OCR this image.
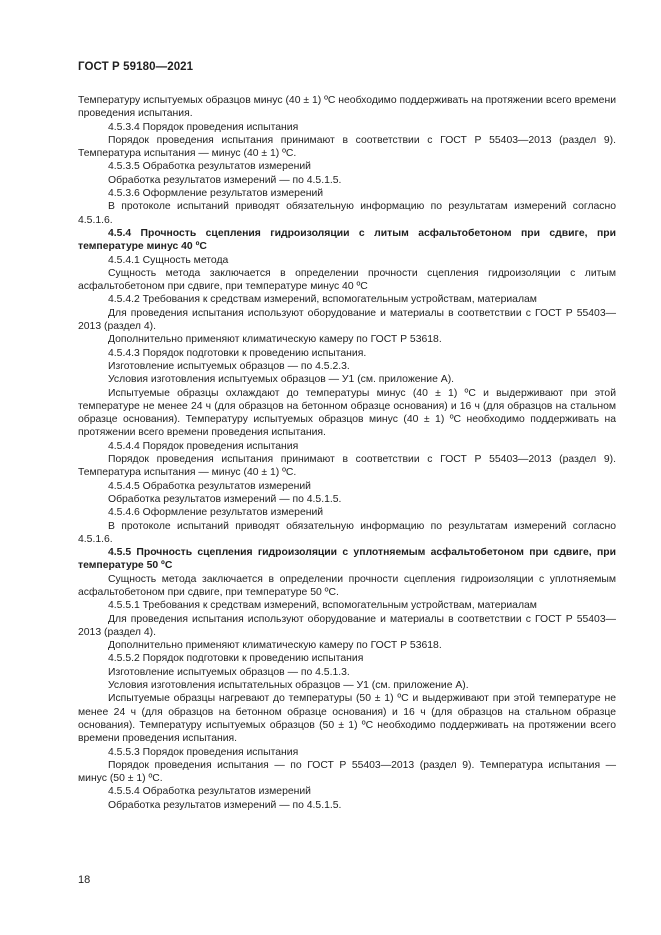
ГОСТ Р 59180—2021

Температуру испытуемых образцов минус (40 ± 1) ºС необходимо поддерживать на протяжении всего времени проведения испытания.

4.5.3.4 Порядок проведения испытания

Порядок проведения испытания принимают в соответствии с ГОСТ Р 55403—2013 (раздел 9). Температура испытания — минус (40 ± 1) ºС.

4.5.3.5 Обработка результатов измерений

Обработка результатов измерений — по 4.5.1.5.

4.5.3.6 Оформление результатов измерений

В протоколе испытаний приводят обязательную информацию по результатам измерений согласно 4.5.1.6.

4.5.4 Прочность сцепления гидроизоляции с литым асфальтобетоном при сдвиге, при температуре минус 40 ºС

4.5.4.1 Сущность метода

Сущность метода заключается в определении прочности сцепления гидроизоляции с литым асфальтобетоном при сдвиге, при температуре минус 40 ºС

4.5.4.2 Требования к средствам измерений, вспомогательным устройствам, материалам

Для проведения испытания используют оборудование и материалы в соответствии с ГОСТ Р 55403—2013 (раздел 4).

Дополнительно применяют климатическую камеру по ГОСТ Р 53618.

4.5.4.3 Порядок подготовки к проведению испытания.

Изготовление испытуемых образцов — по 4.5.2.3.

Условия изготовления испытуемых образцов — У1 (см. приложение А).

Испытуемые образцы охлаждают до температуры минус (40 ± 1) ºС и выдерживают при этой температуре не менее 24 ч (для образцов на бетонном образце основания) и 16 ч (для образцов на стальном образце основания). Температуру испытуемых образцов минус (40 ± 1) ºС необходимо поддерживать на протяжении всего времени проведения испытания.

4.5.4.4 Порядок проведения испытания

Порядок проведения испытания принимают в соответствии с ГОСТ Р 55403—2013 (раздел 9). Температура испытания — минус (40 ± 1) ºС.

4.5.4.5 Обработка результатов измерений

Обработка результатов измерений — по 4.5.1.5.

4.5.4.6 Оформление результатов измерений

В протоколе испытаний приводят обязательную информацию по результатам измерений согласно 4.5.1.6.

4.5.5 Прочность сцепления гидроизоляции с уплотняемым асфальтобетоном при сдвиге, при температуре 50 ºС

Сущность метода заключается в определении прочности сцепления гидроизоляции с уплотняемым асфальтобетоном при сдвиге, при температуре 50 ºС.

4.5.5.1 Требования к средствам измерений, вспомогательным устройствам, материалам

Для проведения испытания используют оборудование и материалы в соответствии с ГОСТ Р 55403—2013 (раздел 4).

Дополнительно применяют климатическую камеру по ГОСТ Р 53618.

4.5.5.2 Порядок подготовки к проведению испытания

Изготовление испытуемых образцов — по 4.5.1.3.

Условия изготовления испытательных образцов — У1 (см. приложение А).

Испытуемые образцы нагревают до температуры (50 ± 1) ºС и выдерживают при этой температуре не менее 24 ч (для образцов на бетонном образце основания) и 16 ч (для образцов на стальном образце основания). Температуру испытуемых образцов (50 ± 1) ºС необходимо поддерживать на протяжении всего времени проведения испытания.

4.5.5.3 Порядок проведения испытания

Порядок проведения испытания — по ГОСТ Р 55403—2013 (раздел 9). Температура испытания — минус (50 ± 1) ºС.

4.5.5.4 Обработка результатов измерений

Обработка результатов измерений — по 4.5.1.5.

18
